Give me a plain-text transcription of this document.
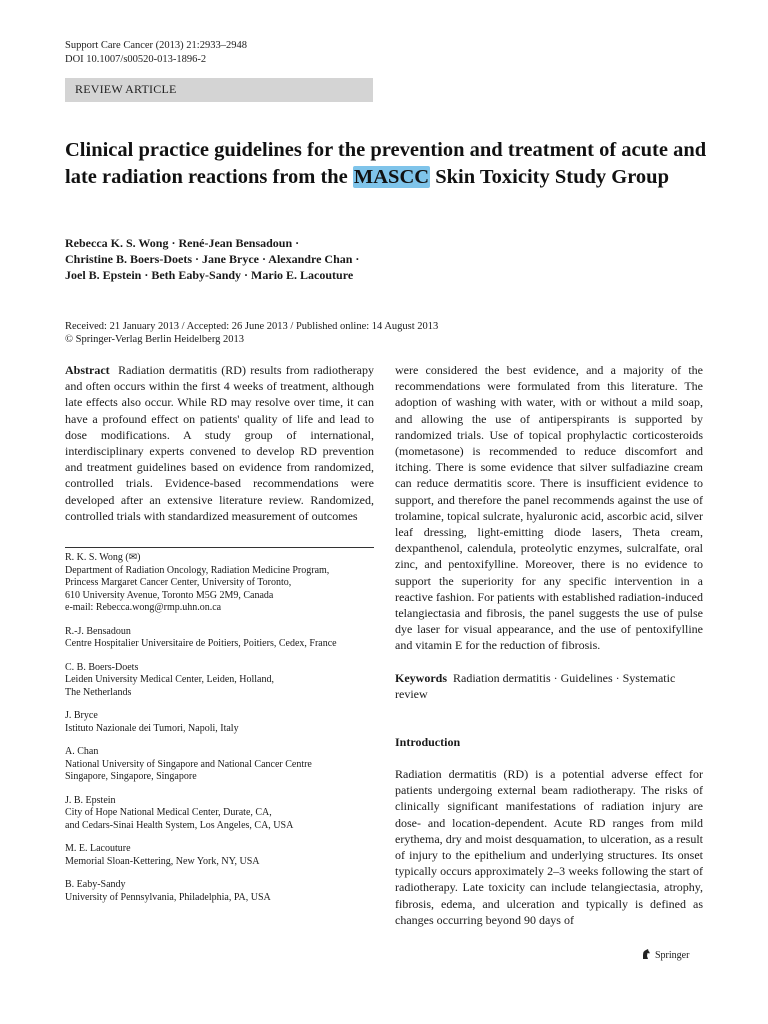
Support Care Cancer (2013) 21:2933–2948
DOI 10.1007/s00520-013-1896-2
REVIEW ARTICLE
Clinical practice guidelines for the prevention and treatment of acute and late radiation reactions from the MASCC Skin Toxicity Study Group
Rebecca K. S. Wong · René-Jean Bensadoun ·
Christine B. Boers-Doets · Jane Bryce · Alexandre Chan ·
Joel B. Epstein · Beth Eaby-Sandy · Mario E. Lacouture
Received: 21 January 2013 / Accepted: 26 June 2013 / Published online: 14 August 2013
© Springer-Verlag Berlin Heidelberg 2013

Abstract Radiation dermatitis (RD) results from radiotherapy and often occurs within the first 4 weeks of treatment, although late effects also occur. While RD may resolve over time, it can have a profound effect on patients' quality of life and lead to dose modifications. A study group of international, interdisciplinary experts convened to develop RD prevention and treatment guidelines based on evidence from randomized, controlled trials. Evidence-based recommendations were developed after an extensive literature review. Randomized, controlled trials with standardized measurement of outcomes

R. K. S. Wong (✉)
Department of Radiation Oncology, Radiation Medicine Program,
Princess Margaret Cancer Center, University of Toronto,
610 University Avenue, Toronto M5G 2M9, Canada
e-mail: Rebecca.wong@rmp.uhn.on.ca
R.-J. Bensadoun
Centre Hospitalier Universitaire de Poitiers, Poitiers, Cedex, France
C. B. Boers-Doets
Leiden University Medical Center, Leiden, Holland,
The Netherlands
J. Bryce
Istituto Nazionale dei Tumori, Napoli, Italy
A. Chan
National University of Singapore and National Cancer Centre
Singapore, Singapore, Singapore
J. B. Epstein
City of Hope National Medical Center, Durate, CA,
and Cedars-Sinai Health System, Los Angeles, CA, USA
M. E. Lacouture
Memorial Sloan-Kettering, New York, NY, USA
B. Eaby-Sandy
University of Pennsylvania, Philadelphia, PA, USA

were considered the best evidence, and a majority of the recommendations were formulated from this literature. The adoption of washing with water, with or without a mild soap, and allowing the use of antiperspirants is supported by randomized trials. Use of topical prophylactic corticosteroids (mometasone) is recommended to reduce discomfort and itching. There is some evidence that silver sulfadiazine cream can reduce dermatitis score. There is insufficient evidence to support, and therefore the panel recommends against the use of trolamine, topical sulcrate, hyaluronic acid, ascorbic acid, silver leaf dressing, light-emitting diode lasers, Theta cream, dexpanthenol, calendula, proteolytic enzymes, sulcralfate, oral zinc, and pentoxifylline. Moreover, there is no evidence to support the superiority for any specific intervention in a reactive fashion. For patients with established radiation-induced telangiectasia and fibrosis, the panel suggests the use of pulse dye laser for visual appearance, and the use of pentoxifylline and vitamin E for the reduction of fibrosis.

Keywords Radiation dermatitis · Guidelines · Systematic review
Introduction

Radiation dermatitis (RD) is a potential adverse effect for patients undergoing external beam radiotherapy. The risks of clinically significant manifestations of radiation injury are dose- and location-dependent. Acute RD ranges from mild erythema, dry and moist desquamation, to ulceration, as a result of injury to the epithelium and underlying structures. Its onset typically occurs approximately 2–3 weeks following the start of radiotherapy. Late toxicity can include telangiectasia, atrophy, fibrosis, edema, and ulceration and typically is defined as changes occurring beyond 90 days of

Springer
